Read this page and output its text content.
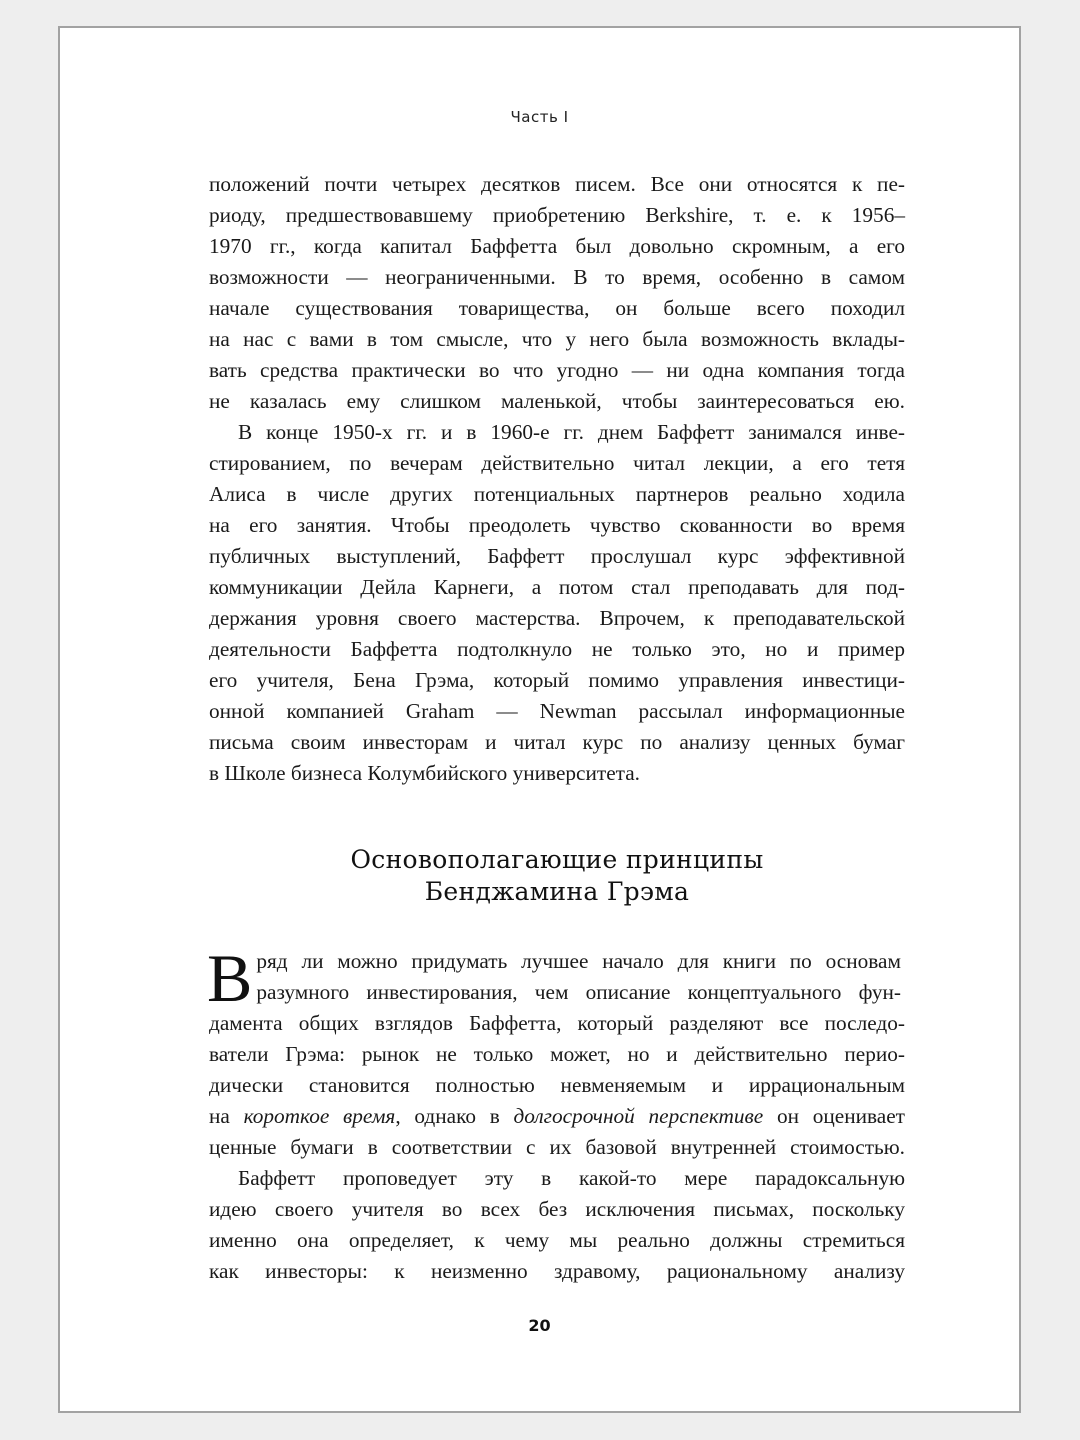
Часть I

положений почти четырех десятков писем. Все они относятся к пе-
риоду, предшествовавшему приобретению Berkshire, т. е. к 1956–
1970 гг., когда капитал Баффетта был довольно скромным, а его
возможности — неограниченными. В то время, особенно в самом
начале существования товарищества, он больше всего походил
на нас с вами в том смысле, что у него была возможность вклады-
вать средства практически во что угодно — ни одна компания тогда
не казалась ему слишком маленькой, чтобы заинтересоваться ею.

В конце 1950-х гг. и в 1960-е гг. днем Баффетт занимался инве-
стированием, по вечерам действительно читал лекции, а его тетя
Алиса в числе других потенциальных партнеров реально ходила
на его занятия. Чтобы преодолеть чувство скованности во время
публичных выступлений, Баффетт прослушал курс эффективной
коммуникации Дейла Карнеги, а потом стал преподавать для под-
держания уровня своего мастерства. Впрочем, к преподавательской
деятельности Баффетта подтолкнуло не только это, но и пример
его учителя, Бена Грэма, который помимо управления инвестици-
онной компанией Graham — Newman рассылал информационные
письма своим инвесторам и читал курс по анализу ценных бумаг
в Школе бизнеса Колумбийского университета.

Основополагающие принципы
Бенджамина Грэма

В ряд ли можно придумать лучшее начало для книги по основам
разумного инвестирования, чем описание концептуального фун-
дамента общих взглядов Баффетта, который разделяют все последо-
ватели Грэма: рынок не только может, но и действительно перио-
дически становится полностью невменяемым и иррациональным
на короткое время, однако в долгосрочной перспективе он оценивает
ценные бумаги в соответствии с их базовой внутренней стоимостью.

Баффетт проповедует эту в какой-то мере парадоксальную
идею своего учителя во всех без исключения письмах, поскольку
именно она определяет, к чему мы реально должны стремиться
как инвесторы: к неизменно здравому, рациональному анализу

20
